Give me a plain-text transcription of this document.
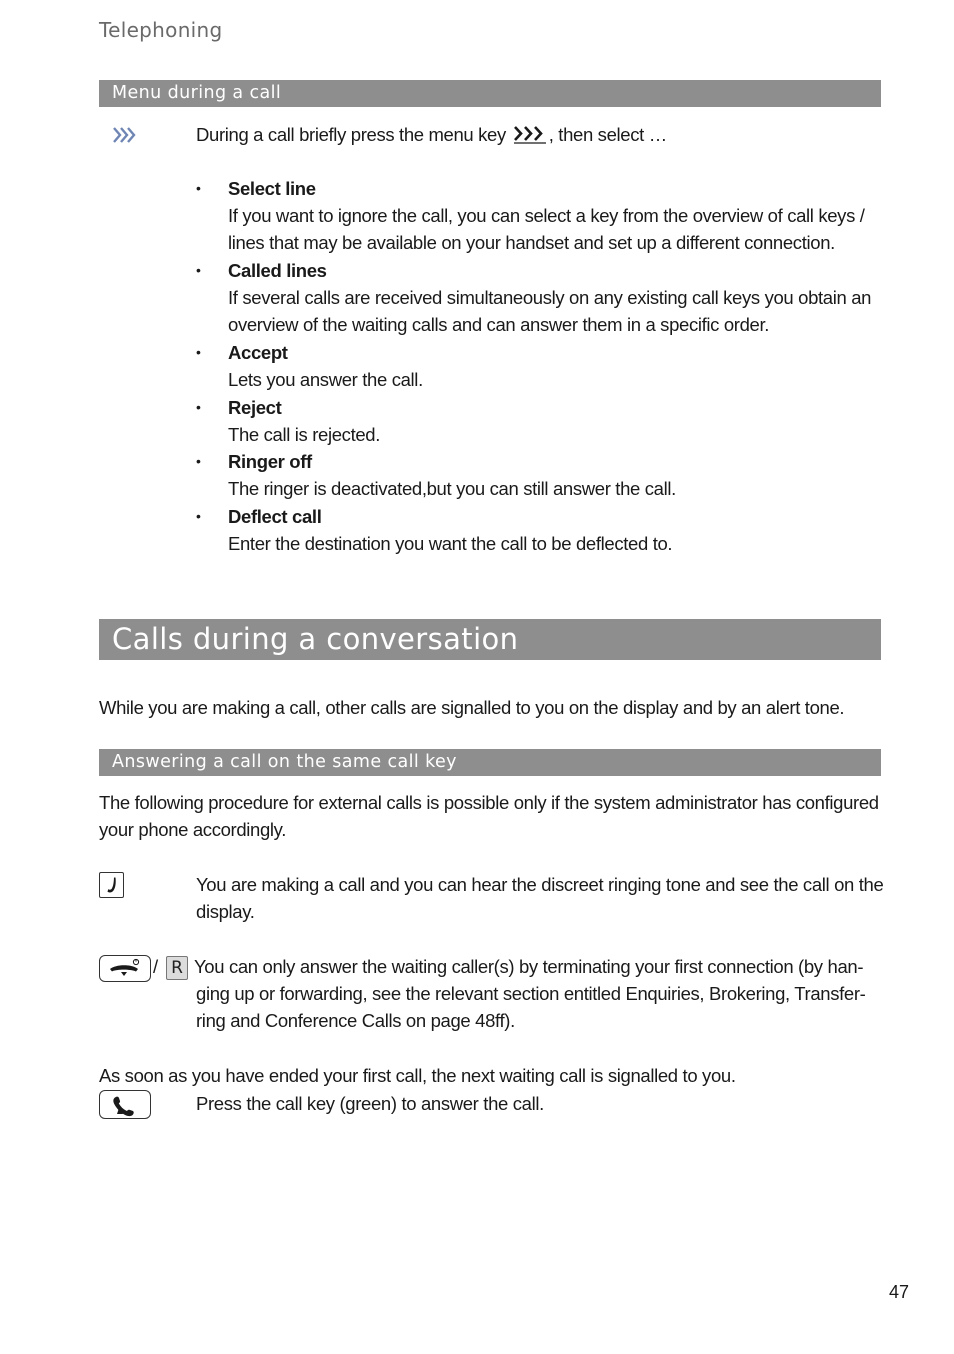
Telephoning
Menu during a call
During a call briefly press the menu key , then select …
• Select line
If you want to ignore the call, you can select a key from the overview of call keys /
lines that may be available on your handset and set up a different connection.
• Called lines
If several calls are received simultaneously on any existing call keys you obtain an
overview of the waiting calls and can answer them in a specific order.
• Accept
Lets you answer the call.
• Reject
The call is rejected.
• Ringer off
The ringer is deactivated,but you can still answer the call.
• Deflect call
Enter the destination you want the call to be deflected to.
Calls during a conversation
While you are making a call, other calls are signalled to you on the display and by an alert tone.
Answering a call on the same call key
The following procedure for external calls is possible only if the system administrator has configured
your phone accordingly.
You are making a call and you can hear the discreet ringing tone and see the call on the
display.
/ R You can only answer the waiting caller(s) by terminating your first connection (by han-
ging up or forwarding, see the relevant section entitled Enquiries, Brokering, Transfer-
ring and Conference Calls on page 48ff).
As soon as you have ended your first call, the next waiting call is signalled to you.
Press the call key (green) to answer the call.
47
